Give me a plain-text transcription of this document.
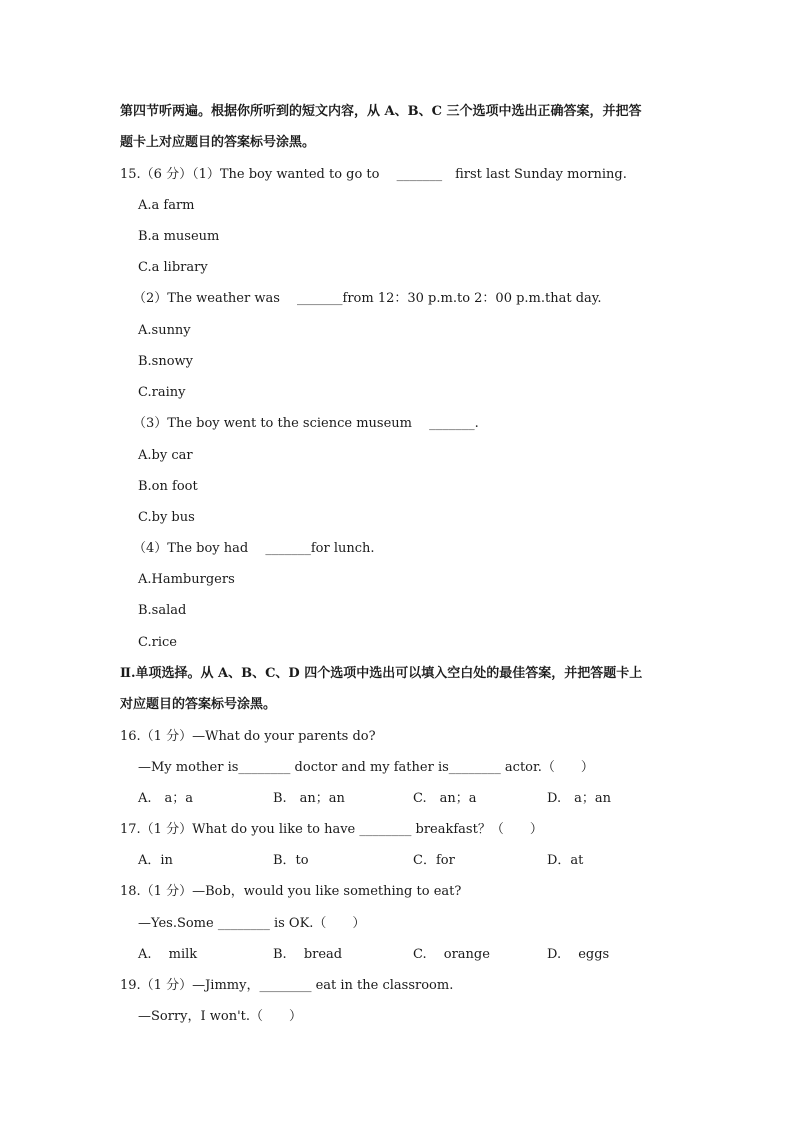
第四节听两遍。根据你所听到的短文内容，从 A、B、C 三个选项中选出正确答案，并把答
题卡上对应题目的答案标号涂黑。
15.（6 分）（1）The boy wanted to go to　 _______　first last Sunday morning.
A.a farm
B.a museum
C.a library
（2）The weather was　 _______from 12：30 p.m.to 2：00 p.m.that day.
A.sunny
B.snowy
C.rainy
（3）The boy went to the science museum　 _______.
A.by car
B.on foot
C.by bus
（4）The boy had　 _______for lunch.
A.Hamburgers
B.salad
C.rice
Ⅱ.单项选择。从 A、B、C、D 四个选项中选出可以填入空白处的最佳答案，并把答题卡上
对应题目的答案标号涂黑。
16.（1 分）—What do your parents do?
—My mother is________ doctor and my father is________ actor.（　　）

A.　a；a

	B.　an；an

	C.　an；a

	D.　a；an

17.（1 分）What do you like to have ________ breakfast？（　　）

A．in

	B．to

	C．for

	D．at

18.（1 分）—Bob，would you like something to eat?
—Yes.Some ________ is OK.（　　）

A.　 milk

	B.　 bread

	C.　 orange

	D.　 eggs

19.（1 分）—Jimmy，________ eat in the classroom.
—Sorry，I won't.（　　）
